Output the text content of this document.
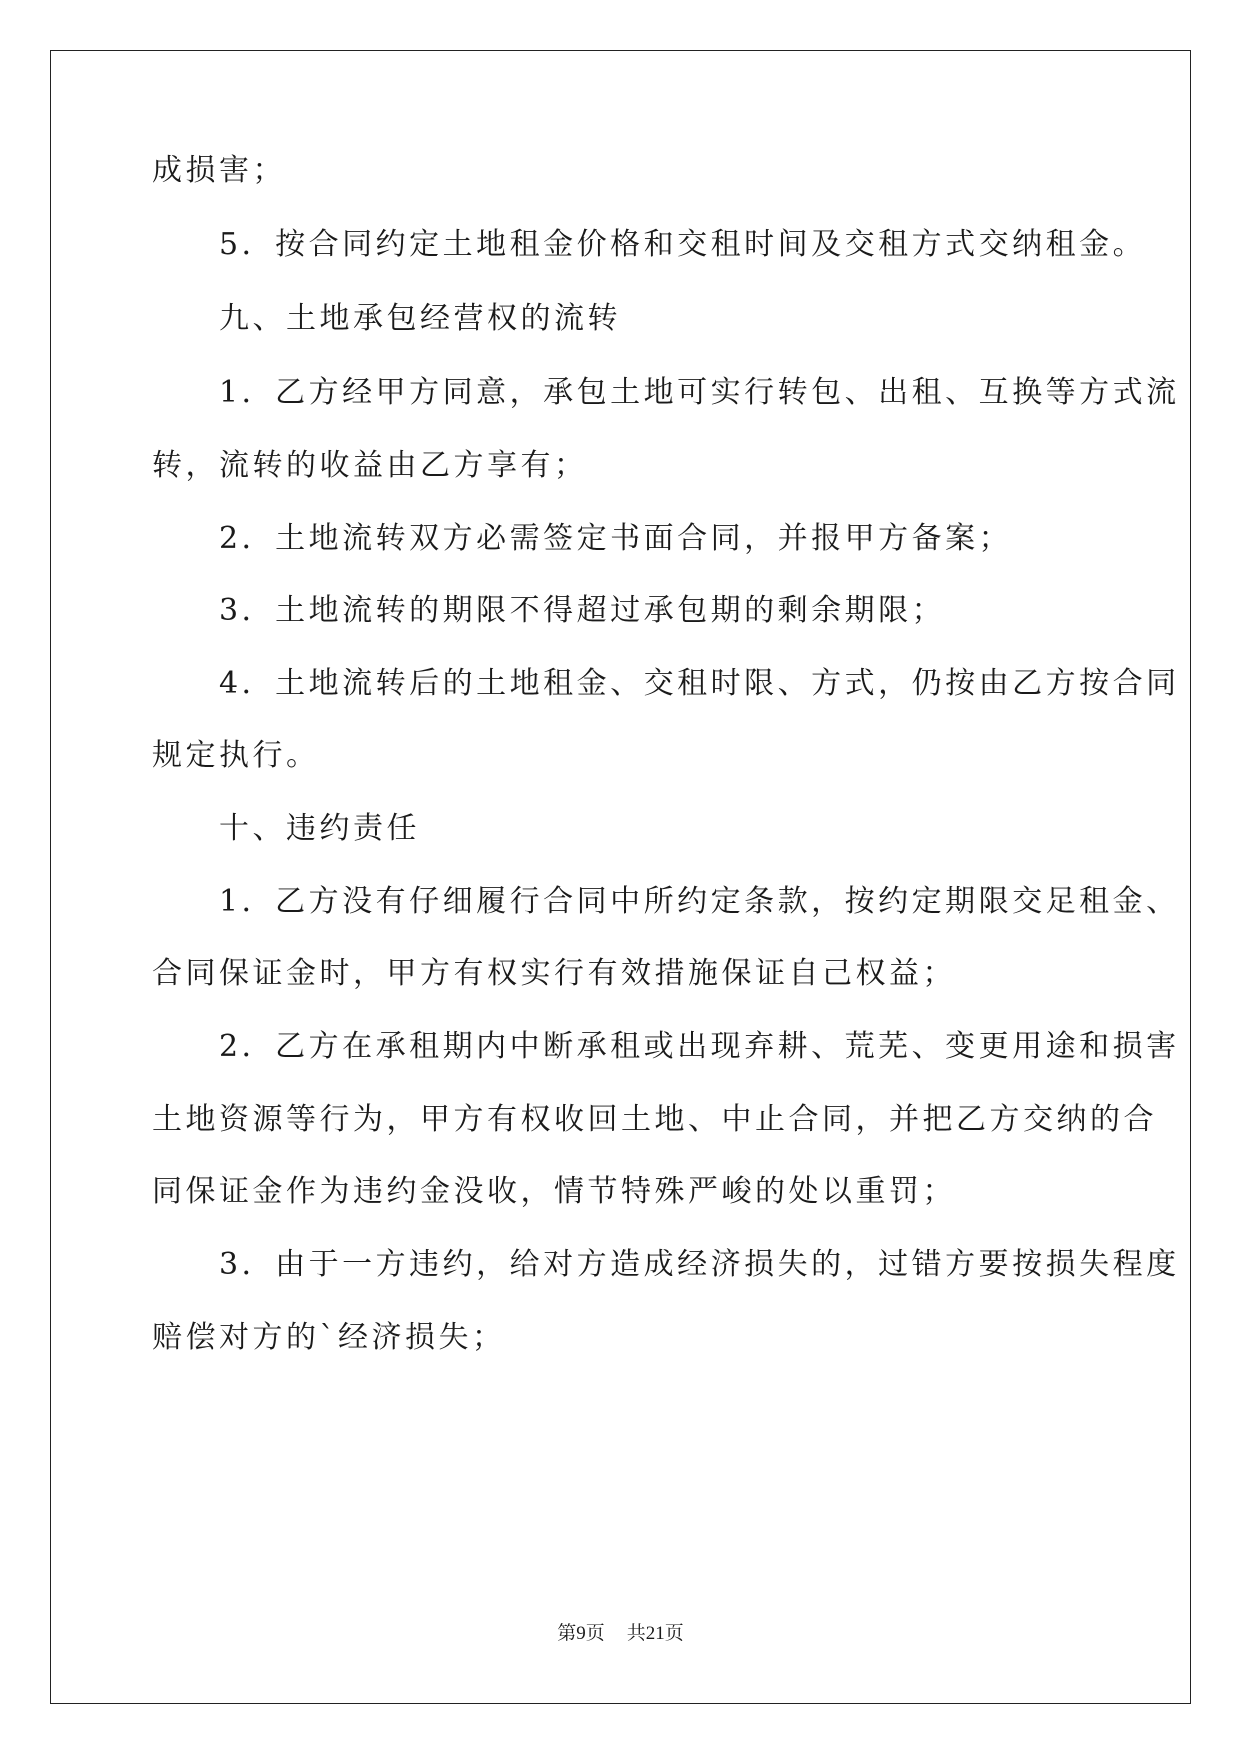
成损害；

　　5．按合同约定土地租金价格和交租时间及交租方式交纳租金。

　　九、土地承包经营权的流转

　　1．乙方经甲方同意，承包土地可实行转包、出租、互换等方式流

转，流转的收益由乙方享有；

　　2．土地流转双方必需签定书面合同，并报甲方备案；

　　3．土地流转的期限不得超过承包期的剩余期限；

　　4．土地流转后的土地租金、交租时限、方式，仍按由乙方按合同

规定执行。

　　十、违约责任

　　1．乙方没有仔细履行合同中所约定条款，按约定期限交足租金、

合同保证金时，甲方有权实行有效措施保证自己权益；

　　2．乙方在承租期内中断承租或出现弃耕、荒芜、变更用途和损害

土地资源等行为，甲方有权收回土地、中止合同，并把乙方交纳的合

同保证金作为违约金没收，情节特殊严峻的处以重罚；

　　3．由于一方违约，给对方造成经济损失的，过错方要按损失程度

赔偿对方的`经济损失；

第9页 共21页
